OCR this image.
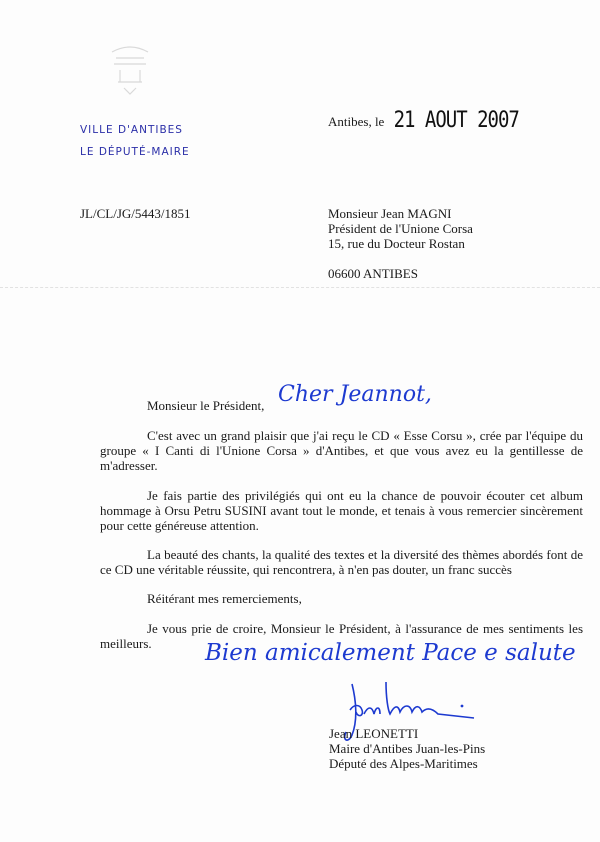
VILLE D'ANTIBES
LE DÉPUTÉ-MAIRE
Antibes, le 21 AOUT 2007
JL/CL/JG/5443/1851	Monsieur Jean MAGNI
Président de l'Unione Corsa
15, rue du Docteur Rostan
06600 ANTIBES
Monsieur le Président, Cher Jeannot,
C'est avec un grand plaisir que j'ai reçu le CD « Esse Corsu », crée par l'équipe du groupe « I Canti di l'Unione Corsa » d'Antibes, et que vous avez eu la gentillesse de m'adresser.
Je fais partie des privilégiés qui ont eu la chance de pouvoir écouter cet album hommage à Orsu Petru SUSINI avant tout le monde, et tenais à vous remercier sincèrement pour cette généreuse attention.
La beauté des chants, la qualité des textes et la diversité des thèmes abordés font de ce CD une véritable réussite, qui rencontrera, à n'en pas douter, un franc succès
Réitérant mes remerciements,
Je vous prie de croire, Monsieur le Président, à l'assurance de mes sentiments les meilleurs.	Bien amicalement Pace e salute
Jean LEONETTI
Maire d'Antibes Juan-les-Pins
Député des Alpes-Maritimes
